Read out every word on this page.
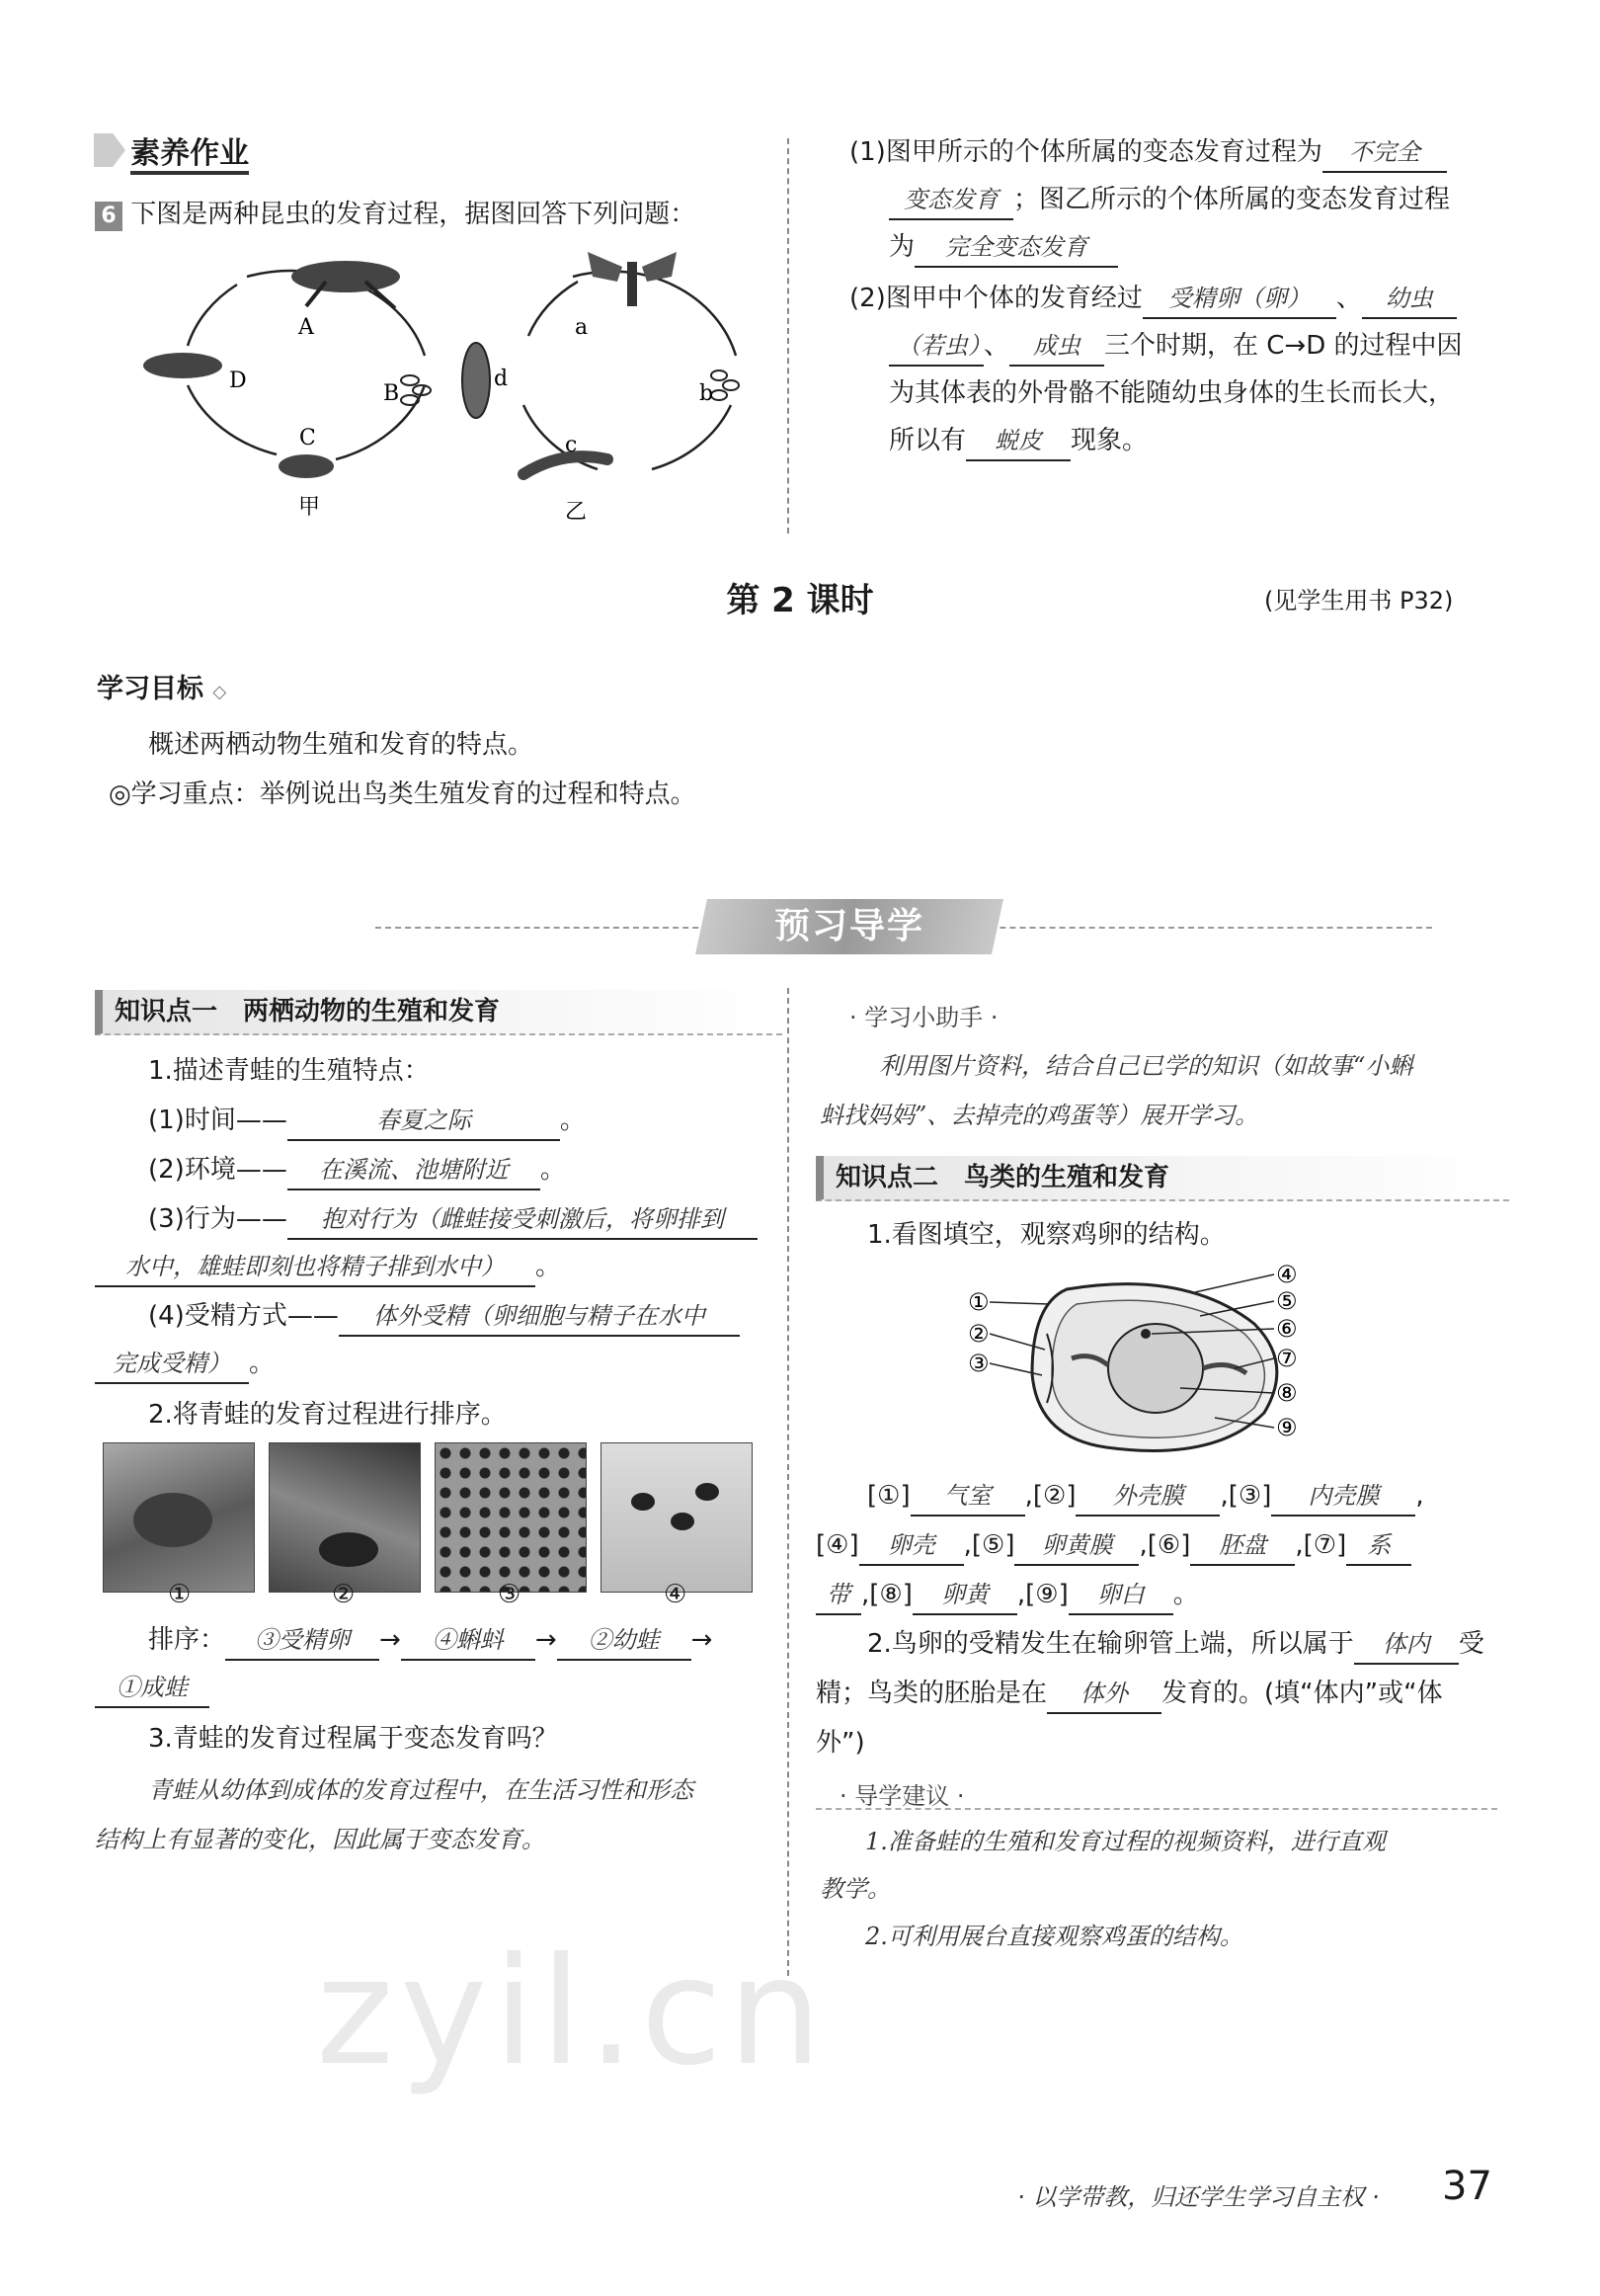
素养作业
6 下图是两种昆虫的发育过程，据图回答下列问题：
A
B
C
D
甲
a
b
c
d
乙
(1)图甲所示的个体所属的变态发育过程为 不完全
变态发育 ；图乙所示的个体所属的变态发育过程
为 完全变态发育
(2)图甲中个体的发育经过 受精卵（卵） 、 幼虫
（若虫）、 成虫 三个时期，在 C→D 的过程中因
为其体表的外骨骼不能随幼虫身体的生长而长大，
所以有 蜕皮 现象。
第 2 课时	(见学生用书 P32)
学习目标 ◇
概述两栖动物生殖和发育的特点。
◎学习重点：举例说出鸟类生殖发育的过程和特点。
预习导学
知识点一　两栖动物的生殖和发育
1.描述青蛙的生殖特点：
(1)时间——	春夏之际	。
(2)环境—— 在溪流、池塘附近 。
(3)行为—— 抱对行为（雌蛙接受刺激后，将卵排到
水中，雄蛙即刻也将精子排到水中） 。
(4)受精方式—— 体外受精（卵细胞与精子在水中
完成受精） 。
2.将青蛙的发育过程进行排序。
①	②	③	④
排序： ③受精卵 → ④蝌蚪 → ②幼蛙 →
①成蛙
3.青蛙的发育过程属于变态发育吗？
青蛙从幼体到成体的发育过程中，在生活习性和形态
结构上有显著的变化，因此属于变态发育。
· 学习小助手 ·
利用图片资料，结合自己已学的知识（如故事“小蝌
蚪找妈妈”、去掉壳的鸡蛋等）展开学习。
知识点二　鸟类的生殖和发育
1.看图填空，观察鸡卵的结构。
①
②
③
④
⑤
⑥
⑦
⑧
⑨
[①] 气室 ,[②] 外壳膜 ,[③] 内壳膜 ,
[④] 卵壳 ,[⑤] 卵黄膜 ,[⑥] 胚盘 ,[⑦] 系
带 ,[⑧] 卵黄 ,[⑨] 卵白 。
2.鸟卵的受精发生在输卵管上端，所以属于 体内 受
精；鸟类的胚胎是在 体外 发育的。(填“体内”或“体
外”)
· 导学建议 ·
1.准备蛙的生殖和发育过程的视频资料，进行直观
教学。
2.可利用展台直接观察鸡蛋的结构。
zyil.cn
· 以学带教，归还学生学习自主权 · 37
